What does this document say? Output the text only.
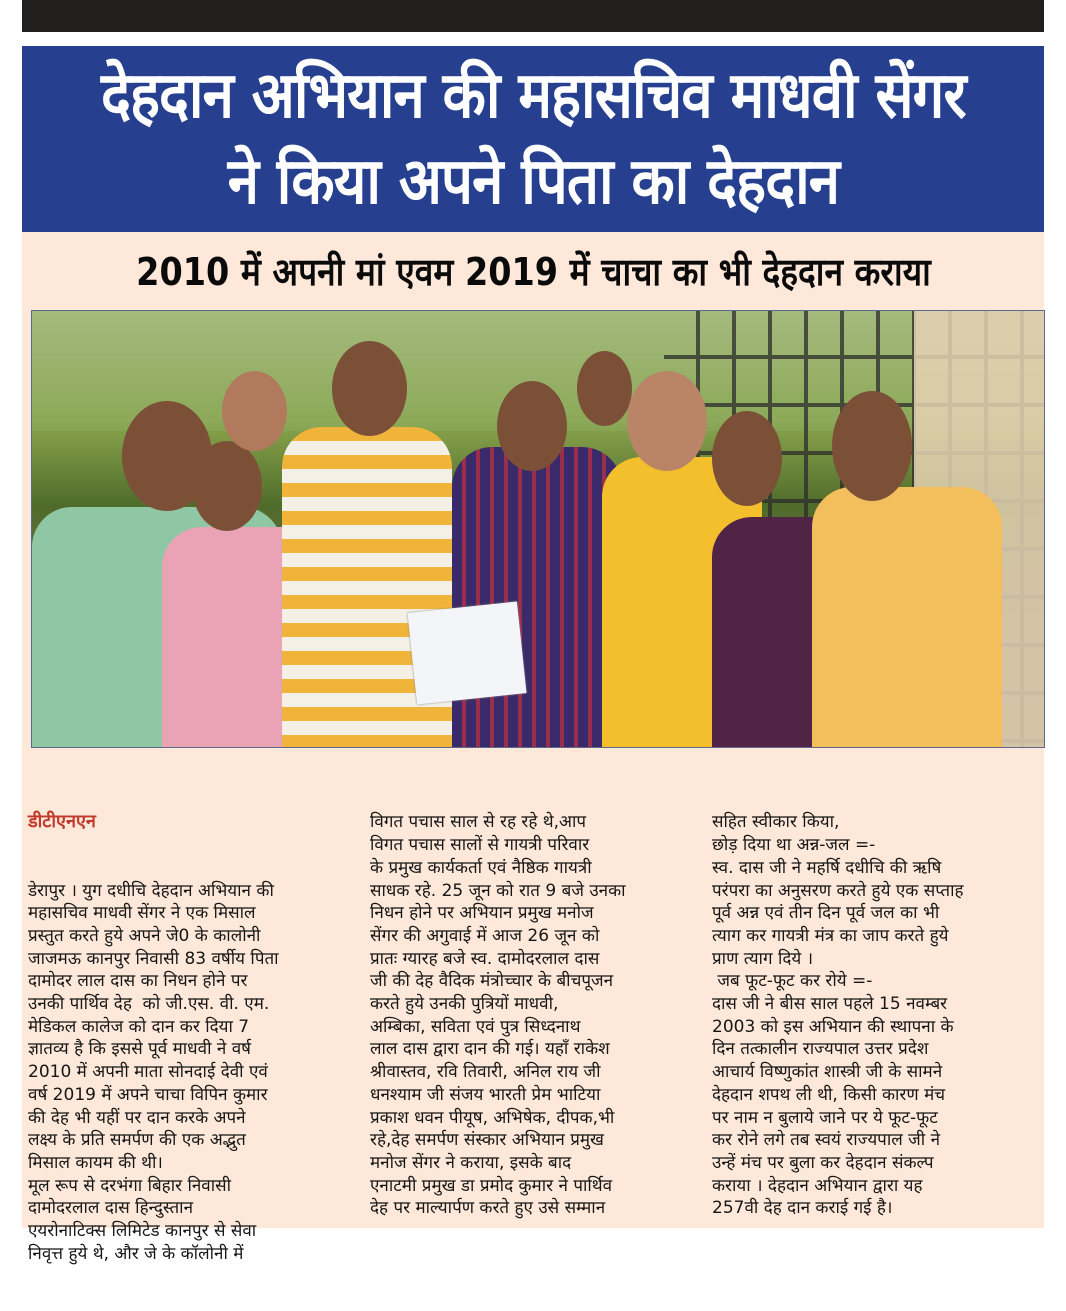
देहदान अभियान की महासचिव माधवी सेंगर
ने किया अपने पिता का देहदान
2010 में अपनी मां एवम 2019 में चाचा का भी देहदान कराया

डीटीएनएन

डेरापुर । युग दधीचि देहदान अभियान की
महासचिव माधवी सेंगर ने एक मिसाल
प्रस्तुत करते हुये अपने जे0 के कालोनी
जाजमऊ कानपुर निवासी 83 वर्षीय पिता
दामोदर लाल दास का निधन होने पर
उनकी पार्थिव देह  को जी.एस. वी. एम.
मेडिकल कालेज को दान कर दिया 7
ज्ञातव्य है कि इससे पूर्व माधवी ने वर्ष
2010 में अपनी माता सोनदाई देवी एवं
वर्ष 2019 में अपने चाचा विपिन कुमार
की देह भी यहीं पर दान करके अपने
लक्ष्य के प्रति समर्पण की एक अद्भुत
मिसाल कायम की थी।
मूल रूप से दरभंगा बिहार निवासी
दामोदरलाल दास हिन्दुस्तान
एयरोनाटिक्स लिमिटेड कानपुर से सेवा
निवृत्त हुये थे, और जे के कॉलोनी में

विगत पचास साल से रह रहे थे,आप
विगत पचास सालों से गायत्री परिवार
के प्रमुख कार्यकर्ता एवं नैष्ठिक गायत्री
साधक रहे. 25 जून को रात 9 बजे उनका
निधन होने पर अभियान प्रमुख मनोज
सेंगर की अगुवाई में आज 26 जून को
प्रातः ग्यारह बजे स्व. दामोदरलाल दास
जी की देह वैदिक मंत्रोच्चार के बीचपूजन
करते हुये उनकी पुत्रियों माधवी,
अम्बिका, सविता एवं पुत्र सिध्दनाथ
लाल दास द्वारा दान की गई। यहाँ राकेश
श्रीवास्तव, रवि तिवारी, अनिल राय जी
धनश्याम जी संजय भारती प्रेम भाटिया
प्रकाश धवन पीयूष, अभिषेक, दीपक,भी
रहे,देह समर्पण संस्कार अभियान प्रमुख
मनोज सेंगर ने कराया, इसके बाद
एनाटमी प्रमुख डा प्रमोद कुमार ने पार्थिव
देह पर माल्यार्पण करते हुए उसे सम्मान

सहित स्वीकार किया,
छोड़ दिया था अन्न-जल =-
स्व. दास जी ने महर्षि दधीचि की ऋषि
परंपरा का अनुसरण करते हुये एक सप्ताह
पूर्व अन्न एवं तीन दिन पूर्व जल का भी
त्याग कर गायत्री मंत्र का जाप करते हुये
प्राण त्याग दिये ।
जब फूट-फूट कर रोये =-
दास जी ने बीस साल पहले 15 नवम्बर
2003 को इस अभियान की स्थापना के
दिन तत्कालीन राज्यपाल उत्तर प्रदेश
आचार्य विष्णुकांत शास्त्री जी के सामने
देहदान शपथ ली थी, किसी कारण मंच
पर नाम न बुलाये जाने पर ये फूट-फूट
कर रोने लगे तब स्वयं राज्यपाल जी ने
उन्हें मंच पर बुला कर देहदान संकल्प
कराया । देहदान अभियान द्वारा यह
257वी देह दान कराई गई है।
